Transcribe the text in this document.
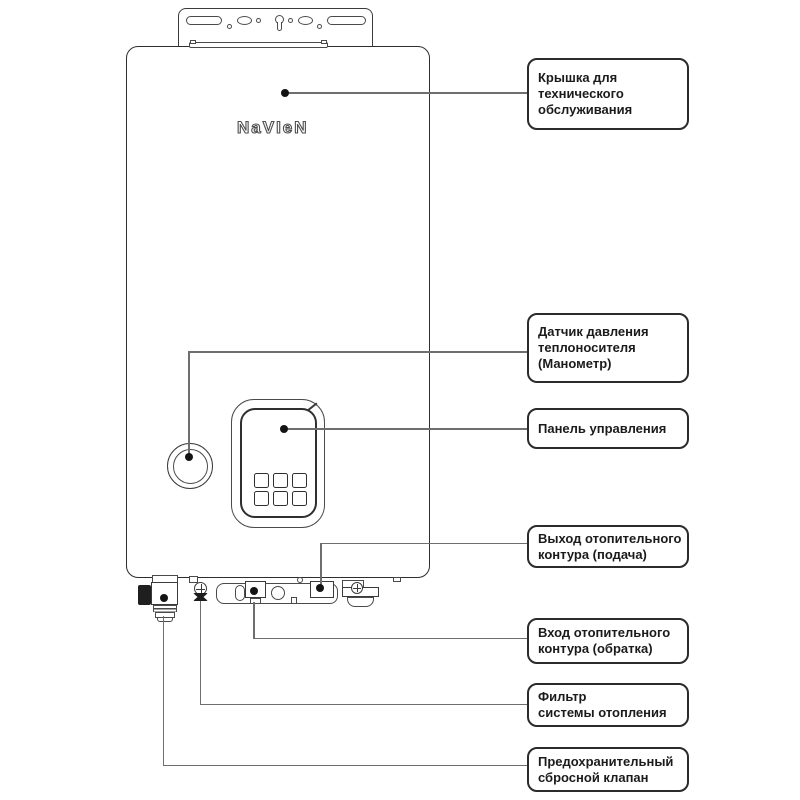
NaVIeN
Крышка для
технического
обслуживания
Датчик давления
теплоносителя
(Манометр)
Панель управления
Выход отопительного
контура (подача)
Вход отопительного
контура (обратка)
Фильтр
системы отопления
Предохранительный
сбросной клапан
